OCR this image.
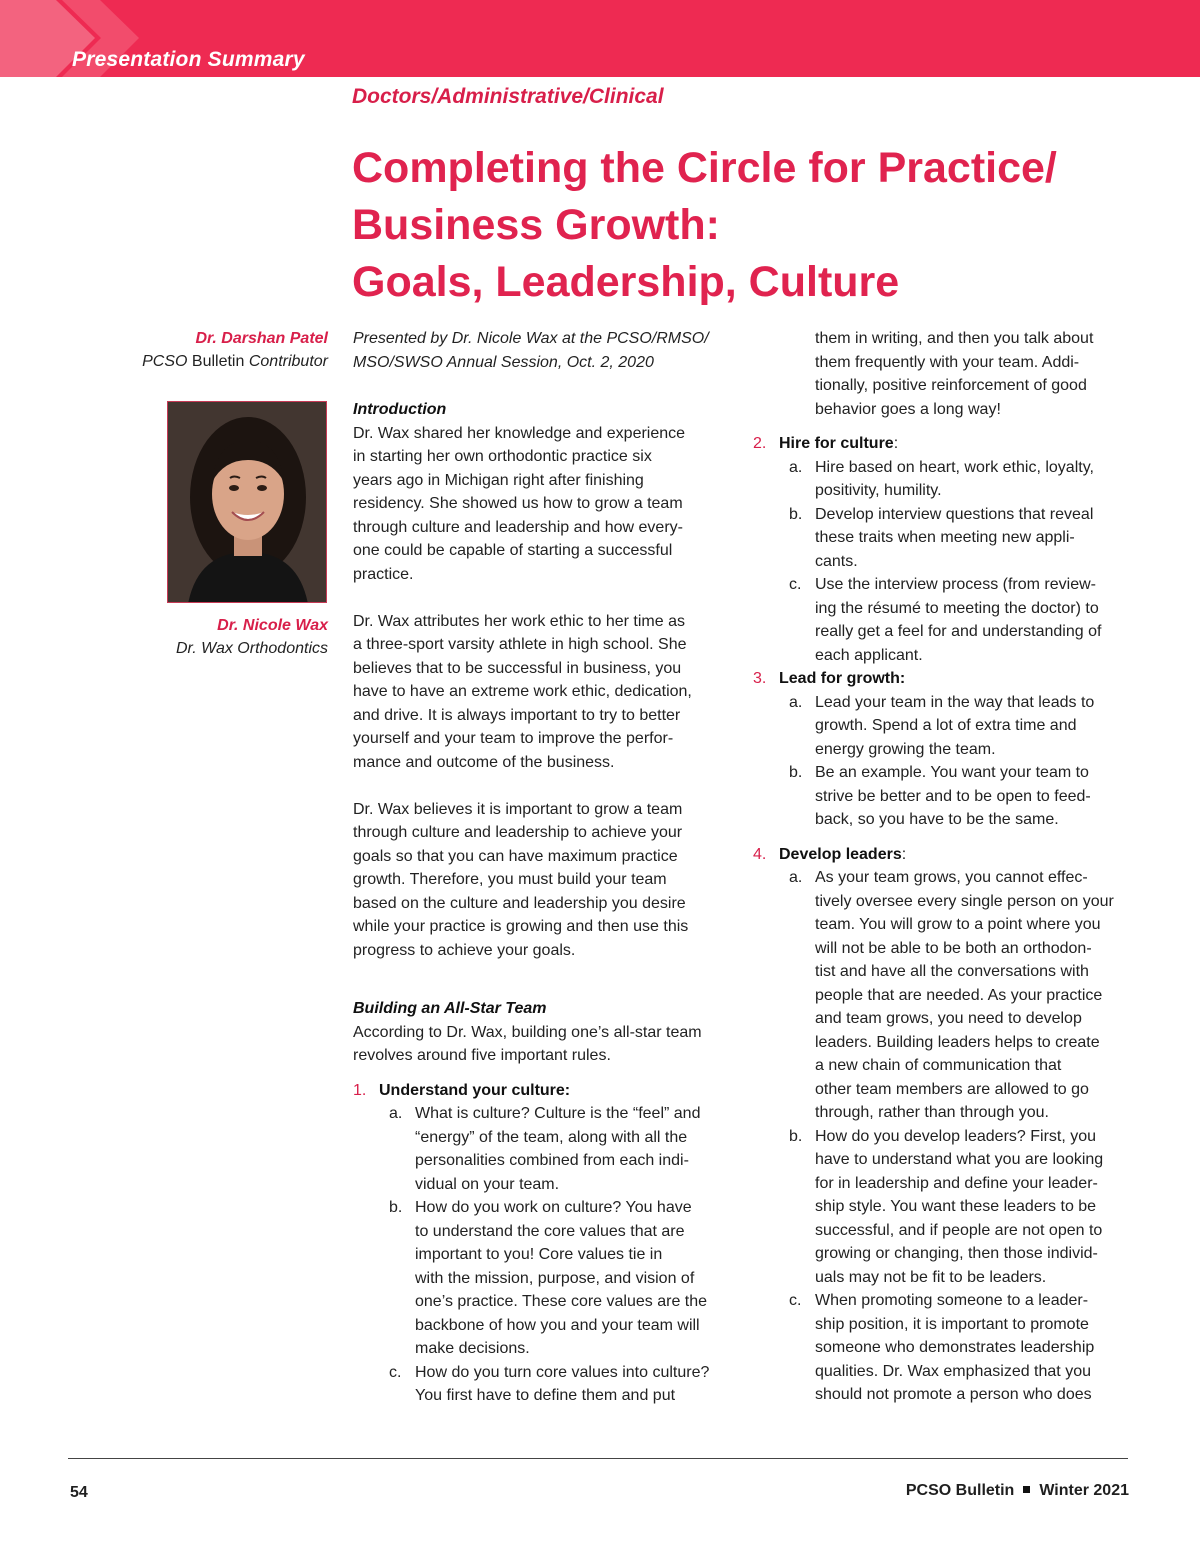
Presentation Summary
Doctors/Administrative/Clinical
Completing the Circle for Practice/
Business Growth:
Goals, Leadership, Culture
Dr. Darshan Patel
PCSO Bulletin Contributor
Dr. Nicole Wax
Dr. Wax Orthodontics

Presented by Dr. Nicole Wax at the PCSO/RMSO/
MSO/SWSO Annual Session, Oct. 2, 2020

Introduction

Dr. Wax shared her knowledge and experience
in starting her own orthodontic practice six
years ago in Michigan right after finishing
residency. She showed us how to grow a team
through culture and leadership and how every-
one could be capable of starting a successful
practice.

Dr. Wax attributes her work ethic to her time as
a three-sport varsity athlete in high school. She
believes that to be successful in business, you
have to have an extreme work ethic, dedication,
and drive. It is always important to try to better
yourself and your team to improve the perfor-
mance and outcome of the business.

Dr. Wax believes it is important to grow a team
through culture and leadership to achieve your
goals so that you can have maximum practice
growth. Therefore, you must build your team
based on the culture and leadership you desire
while your practice is growing and then use this
progress to achieve your goals.

Building an All-Star Team

According to Dr. Wax, building one’s all-star team
revolves around five important rules.

1. Understand your culture:
a. What is culture? Culture is the “feel” and
“energy” of the team, along with all the
personalities combined from each indi-
vidual on your team.
b. How do you work on culture? You have
to understand the core values that are
important to you! Core values tie in
with the mission, purpose, and vision of
one’s practice. These core values are the
backbone of how you and your team will
make decisions.
c. How do you turn core values into culture?
You first have to define them and put
them in writing, and then you talk about
them frequently with your team. Addi-
tionally, positive reinforcement of good
behavior goes a long way!
2. Hire for culture:
a. Hire based on heart, work ethic, loyalty,
positivity, humility.
b. Develop interview questions that reveal
these traits when meeting new appli-
cants.
c. Use the interview process (from review-
ing the résumé to meeting the doctor) to
really get a feel for and understanding of
each applicant.
3. Lead for growth:
a. Lead your team in the way that leads to
growth. Spend a lot of extra time and
energy growing the team.
b. Be an example. You want your team to
strive be better and to be open to feed-
back, so you have to be the same.
4. Develop leaders:
a. As your team grows, you cannot effec-
tively oversee every single person on your
team. You will grow to a point where you
will not be able to be both an orthodon-
tist and have all the conversations with
people that are needed. As your practice
and team grows, you need to develop
leaders. Building leaders helps to create
a new chain of communication that
other team members are allowed to go
through, rather than through you.
b. How do you develop leaders? First, you
have to understand what you are looking
for in leadership and define your leader-
ship style. You want these leaders to be
successful, and if people are not open to
growing or changing, then those individ-
uals may not be fit to be leaders.
c. When promoting someone to a leader-
ship position, it is important to promote
someone who demonstrates leadership
qualities. Dr. Wax emphasized that you
should not promote a person who does
54	PCSO Bulletin Winter 2021
